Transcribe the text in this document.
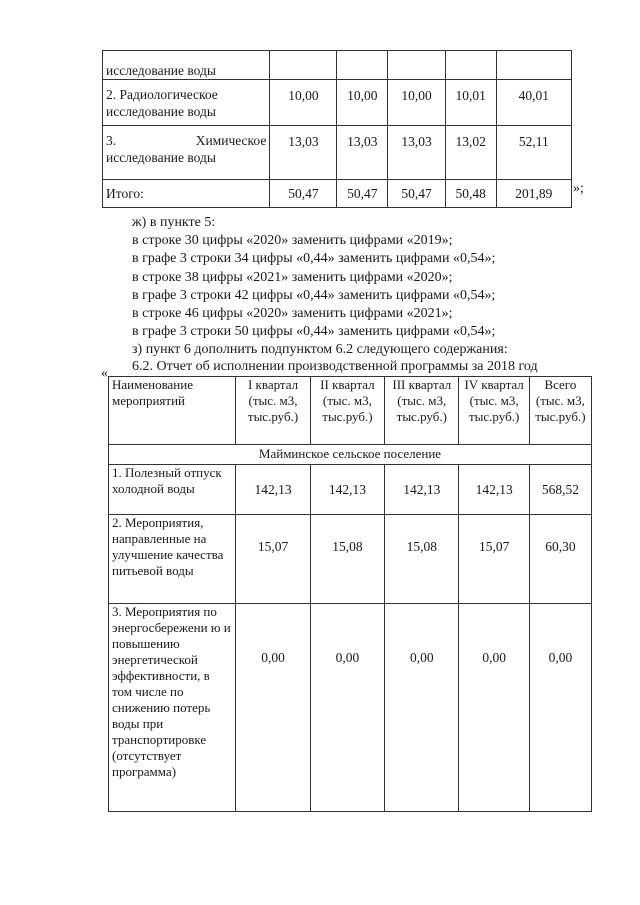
исследование воды					

2. Радиологическое
исследование воды	10,00	10,00	10,00	10,01	40,01

3. Химическое
исследование воды	13,03	13,03	13,03	13,02	52,11
Итого:	50,47	50,47	50,47	50,48	201,89 »;
ж) в пункте 5:
в строке 30 цифры «2020» заменить цифрами «2019»;
в графе 3 строки 34 цифры «0,44» заменить цифрами «0,54»;
в строке 38 цифры «2021» заменить цифрами «2020»;
в графе 3 строки 42 цифры «0,44» заменить цифрами «0,54»;
в строке 46 цифры «2020» заменить цифрами «2021»;
в графе 3 строки 50 цифры «0,44» заменить цифрами «0,54»;
з) пункт 6 дополнить подпунктом 6.2 следующего содержания:
« 6.2. Отчет об исполнении производственной программы за 2018 год
Наименование мероприятий	I квартал (тыс. м3, тыс.руб.)	II квартал (тыс. м3, тыс.руб.)	III квартал (тыс. м3, тыс.руб.)	IV квартал (тыс. м3, тыс.руб.)	Всего (тыс. м3, тыс.руб.)
Майминское сельское поселение					
1. Полезный отпуск холодной воды	142,13	142,13	142,13	142,13	568,52
2. Мероприятия, направленные на улучшение качества питьевой воды	15,07	15,08	15,08	15,07	60,30
3. Мероприятия по энергосбережени ю и повышению энергетической эффективности, в том числе по снижению потерь воды при транспортировке (отсутствует программа)	0,00	0,00	0,00	0,00	0,00
